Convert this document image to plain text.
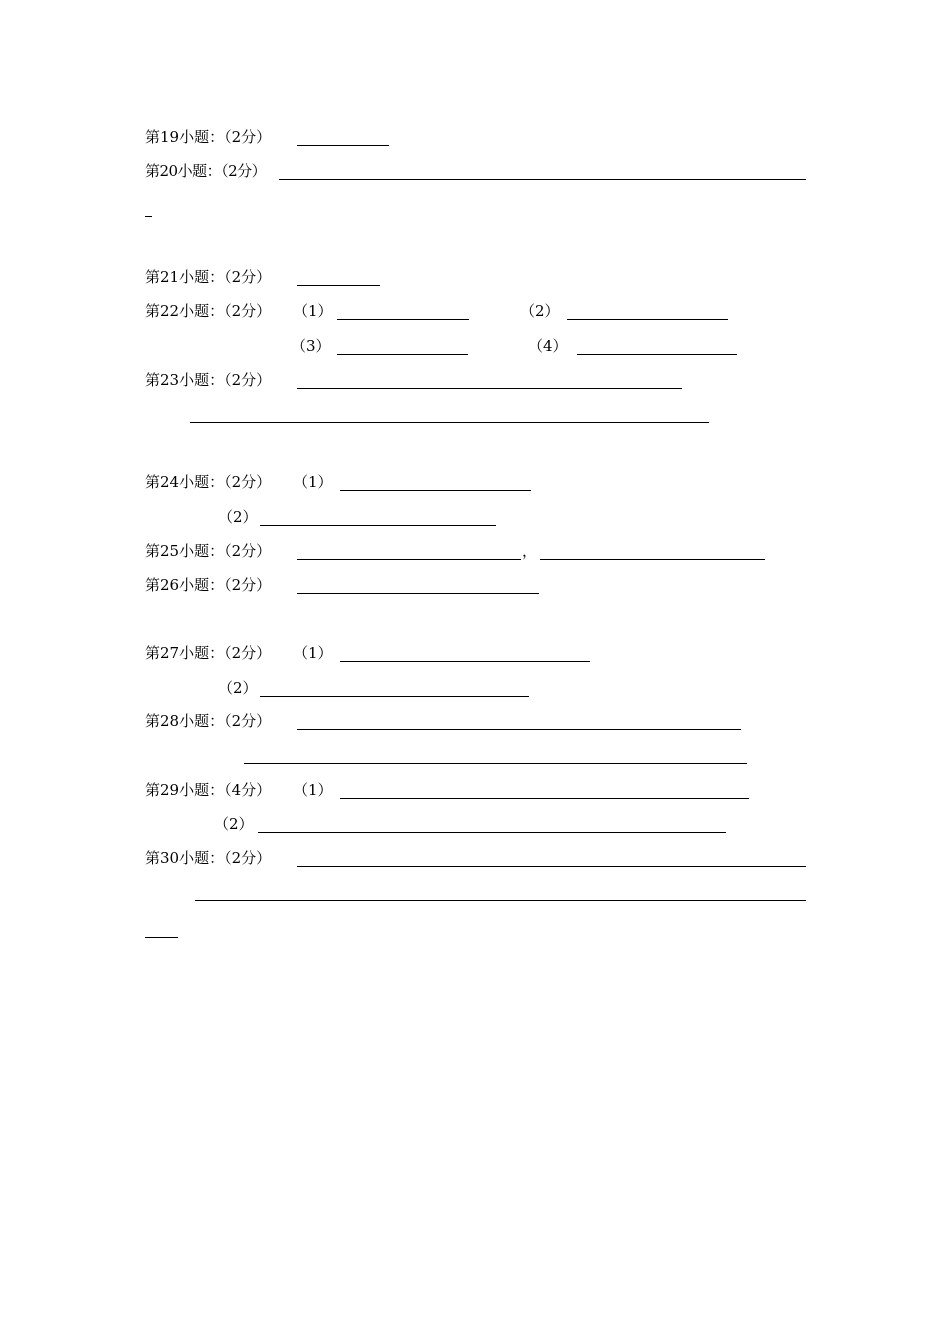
第19小题：（2分）
第20小题：（2分）
第21小题：（2分）
第22小题：（2分） （1）	（2）
（3）	（4）
第23小题：（2分）
第24小题：（2分） （1）
（2）
第25小题：（2分）	，
第26小题：（2分）
第27小题：（2分） （1）
（2）
第28小题：（2分）
第29小题：（4分） （1）
（2）
第30小题：（2分）
